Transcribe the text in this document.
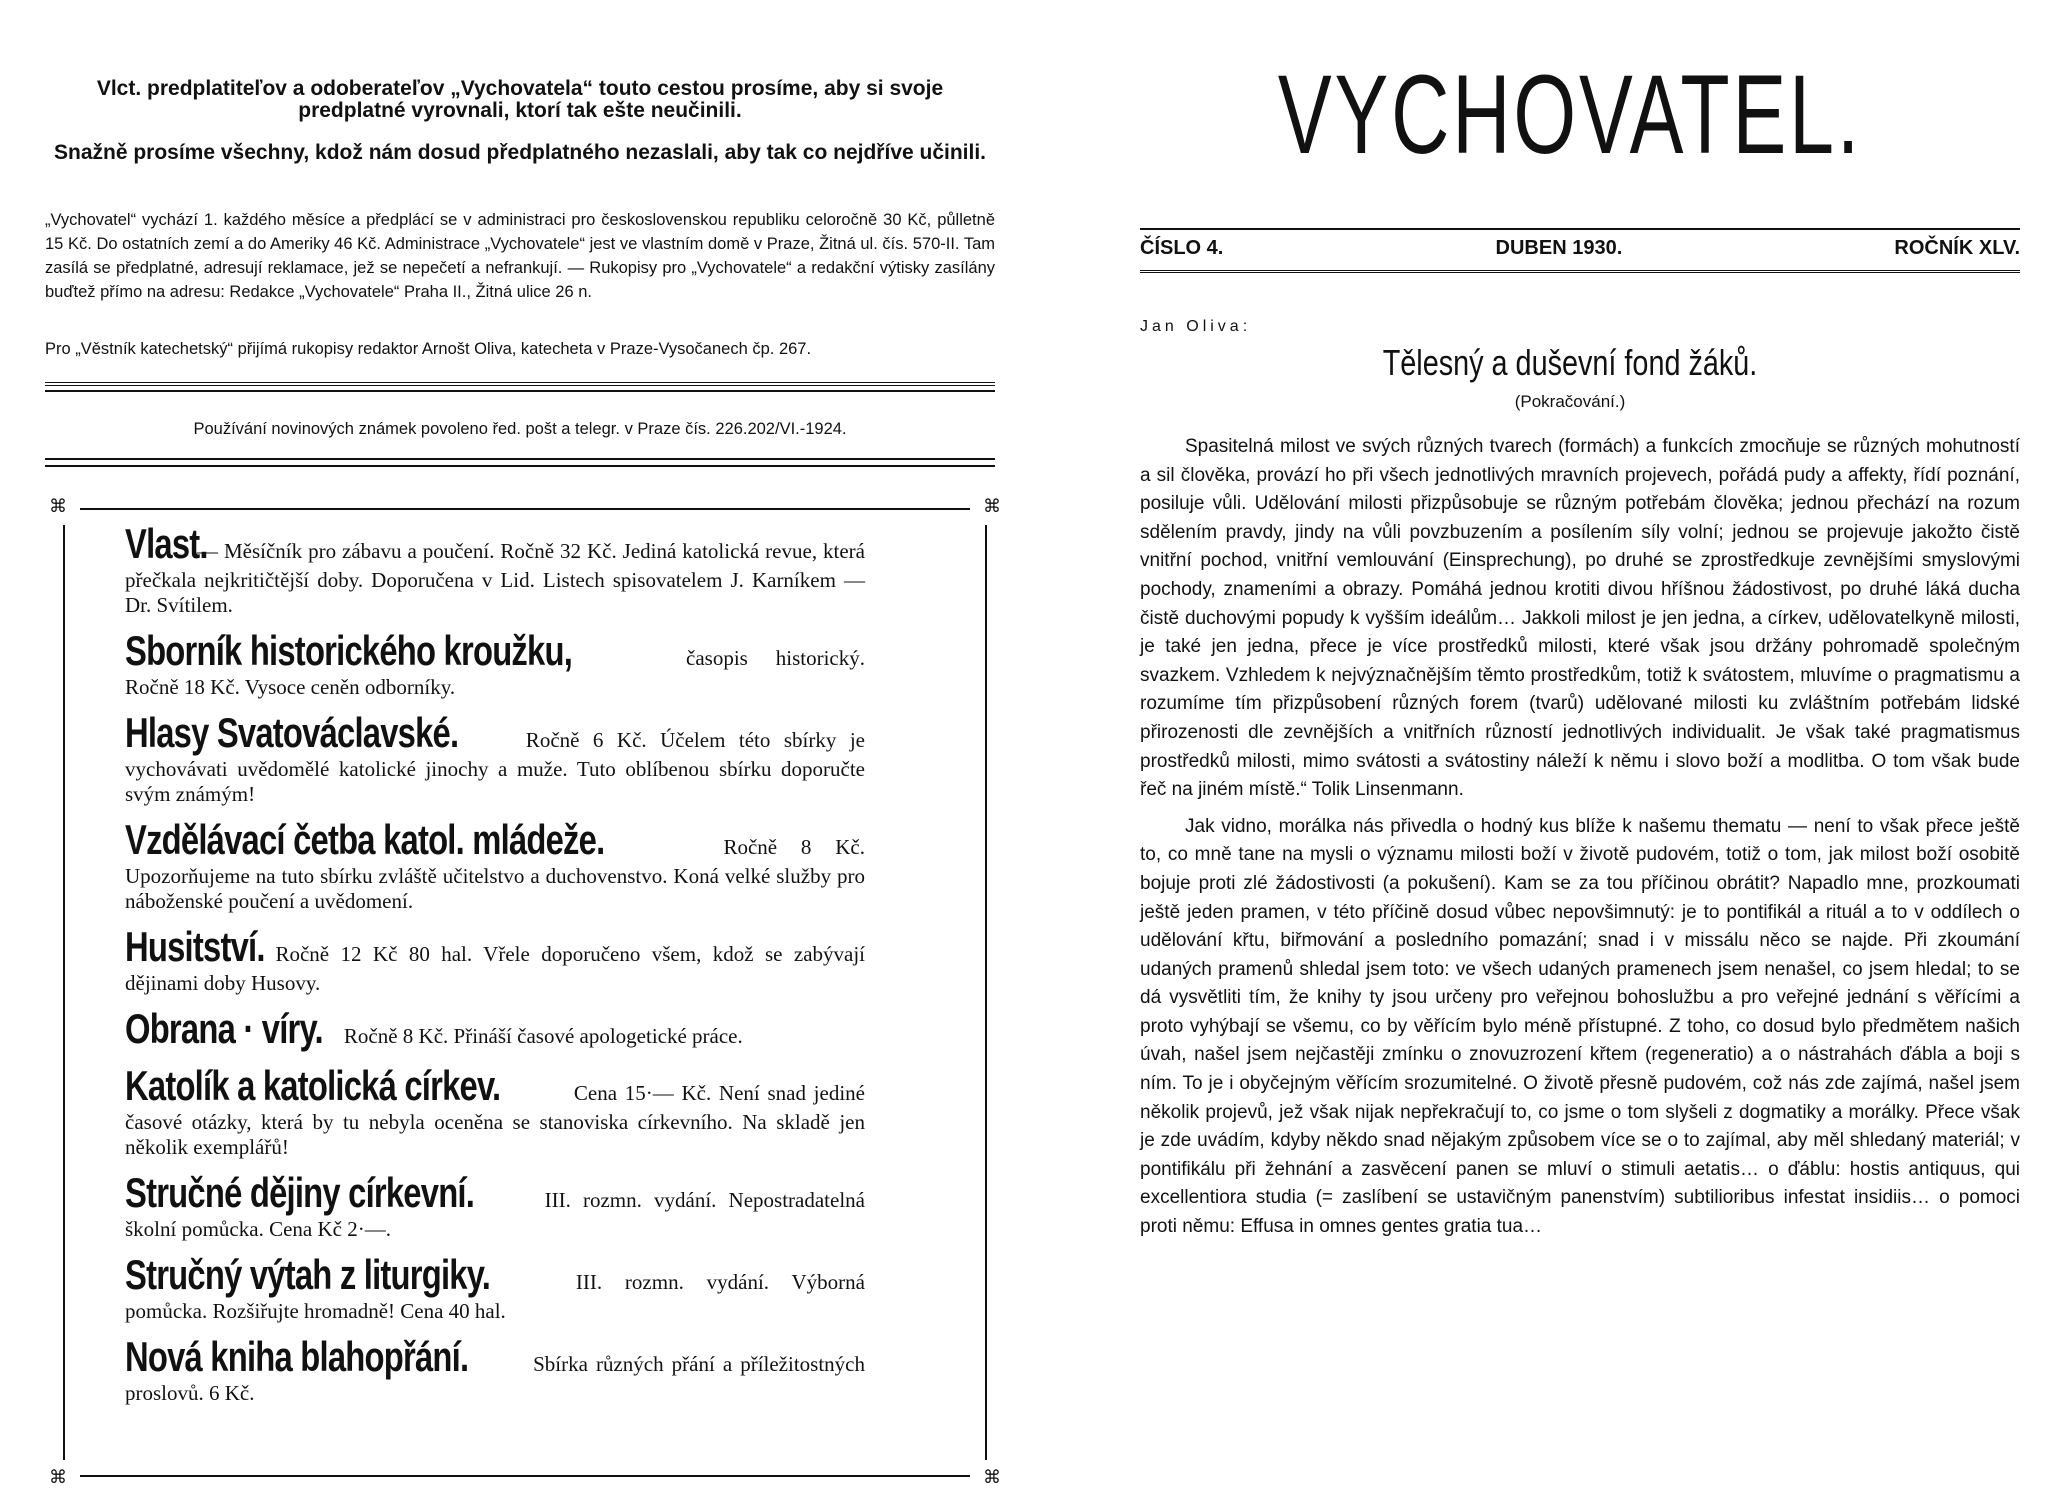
Vlct. predplatiteľov a odoberateľov „Vychovatela“ touto cestou prosíme, aby si svoje predplatné vyrovnali, ktorí tak ešte neučinili.
Snažně prosíme všechny, kdož nám dosud předplatného nezaslali, aby tak co nejdříve učinili.
„Vychovatel“ vychází 1. každého měsíce a předplácí se v administraci pro československou republiku celoročně 30 Kč, půlletně 15 Kč. Do ostatních zemí a do Ameriky 46 Kč. Administrace „Vychovatele“ jest ve vlastním domě v Praze, Žitná ul. čís. 570-II. Tam zasílá se předplatné, adresují reklamace, jež se nepečetí a nefrankují. — Rukopisy pro „Vychovatele“ a redakční výtisky zasílány buďtež přímo na adresu: Redakce „Vychovatele“ Praha II., Žitná ulice 26 n.
Pro „Věstník katechetský“ přijímá rukopisy redaktor Arnošt Oliva, katecheta v Praze-Vysočanech čp. 267.
Používání novinových známek povoleno řed. pošt a telegr. v Praze čís. 226.202/VI.-1924.
⌘	⌘
⌘	⌘
Vlast. — Měsíčník pro zábavu a poučení. Ročně 32 Kč. Jediná katolická revue, která přečkala nejkritičtější doby. Doporučena v Lid. Listech spisovatelem J. Karníkem — Dr. Svítilem.
Sborník historického kroužku,	časopis historický. Ročně 18 Kč. Vysoce ceněn odborníky.
Hlasy Svatováclavské.	Ročně 6 Kč. Účelem této sbírky je vychovávati uvědomělé katolické jinochy a muže. Tuto oblíbenou sbírku doporučte svým známým!
Vzdělávací četba katol. mládeže.	Ročně 8 Kč. Upozorňujeme na tuto sbírku zvláště učitelstvo a duchovenstvo. Koná velké služby pro náboženské poučení a uvědomení.
Husitství. Ročně 12 Kč 80 hal. Vřele doporučeno všem, kdož se zabývají dějinami doby Husovy.
Obrana · víry. Ročně 8 Kč. Přináší časové apologetické práce.
Katolík a katolická církev.	Cena 15·— Kč. Není snad jediné časové otázky, která by tu nebyla oceněna se stanoviska církevního. Na skladě jen několik exemplářů!
Stručné dějiny církevní.	III. rozmn. vydání. Nepostradatelná školní pomůcka. Cena Kč 2·—.
Stručný výtah z liturgiky.	III. rozmn. vydání. Výborná pomůcka. Rozšiřujte hromadně! Cena 40 hal.
Nová kniha blahopřání.	Sbírka různých přání a příležitostných proslovů. 6 Kč.
VYCHOVATEL.
ČÍSLO 4.	DUBEN 1930.	ROČNÍK XLV.
Jan Oliva:
Tělesný a duševní fond žáků.
(Pokračování.)

Spasitelná milost ve svých různých tvarech (formách) a funkcích zmocňuje se různých mohutností a sil člověka, provází ho při všech jednotlivých mravních projevech, pořádá pudy a affekty, řídí poznání, posiluje vůli. Udělování milosti přizpůsobuje se různým potřebám člověka; jednou přechází na rozum sdělením pravdy, jindy na vůli povzbuzením a posílením síly volní; jednou se projevuje jakožto čistě vnitřní pochod, vnitřní vemlouvání (Einsprechung), po druhé se zprostředkuje zevnějšími smyslovými pochody, znameními a obrazy. Pomáhá jednou krotiti divou hříšnou žádostivost, po druhé láká ducha čistě duchovými popudy k vyšším ideálům… Jakkoli milost je jen jedna, a církev, udělovatelkyně milosti, je také jen jedna, přece je více prostředků milosti, které však jsou držány pohromadě společným svazkem. Vzhledem k nejvýznačnějším těmto prostředkům, totiž k svátostem, mluvíme o pragmatismu a rozumíme tím přizpůsobení různých forem (tvarů) udělované milosti ku zvláštním potřebám lidské přirozenosti dle zevnějších a vnitřních růzností jednotlivých individualit. Je však také pragmatismus prostředků milosti, mimo svátosti a svátostiny náleží k němu i slovo boží a modlitba. O tom však bude řeč na jiném místě.“ Tolik Linsenmann.

Jak vidno, morálka nás přivedla o hodný kus blíže k našemu thematu — není to však přece ještě to, co mně tane na mysli o významu milosti boží v životě pudovém, totiž o tom, jak milost boží osobitě bojuje proti zlé žádostivosti (a pokušení). Kam se za tou příčinou obrátit? Napadlo mne, prozkoumati ještě jeden pramen, v této příčině dosud vůbec nepovšimnutý: je to pontifikál a rituál a to v oddílech o udělování křtu, biřmování a posledního pomazání; snad i v missálu něco se najde. Při zkoumání udaných pramenů shledal jsem toto: ve všech udaných pramenech jsem nenašel, co jsem hledal; to se dá vysvětliti tím, že knihy ty jsou určeny pro veřejnou bohoslužbu a pro veřejné jednání s věřícími a proto vyhýbají se všemu, co by věřícím bylo méně přístupné. Z toho, co dosud bylo předmětem našich úvah, našel jsem nejčastěji zmínku o znovuzrození křtem (regeneratio) a o nástrahách ďábla a boji s ním. To je i obyčejným věřícím srozumitelné. O životě přesně pudovém, což nás zde zajímá, našel jsem několik projevů, jež však nijak nepřekračují to, co jsme o tom slyšeli z dogmatiky a morálky. Přece však je zde uvádím, kdyby někdo snad nějakým způsobem více se o to zajímal, aby měl shledaný materiál; v pontifikálu při žehnání a zasvěcení panen se mluví o stimuli aetatis… o ďáblu: hostis antiquus, qui excellentiora studia (= zaslíbení se ustavičným panenstvím) subtilioribus infestat insidiis… o pomoci proti němu: Effusa in omnes gentes gratia tua…
